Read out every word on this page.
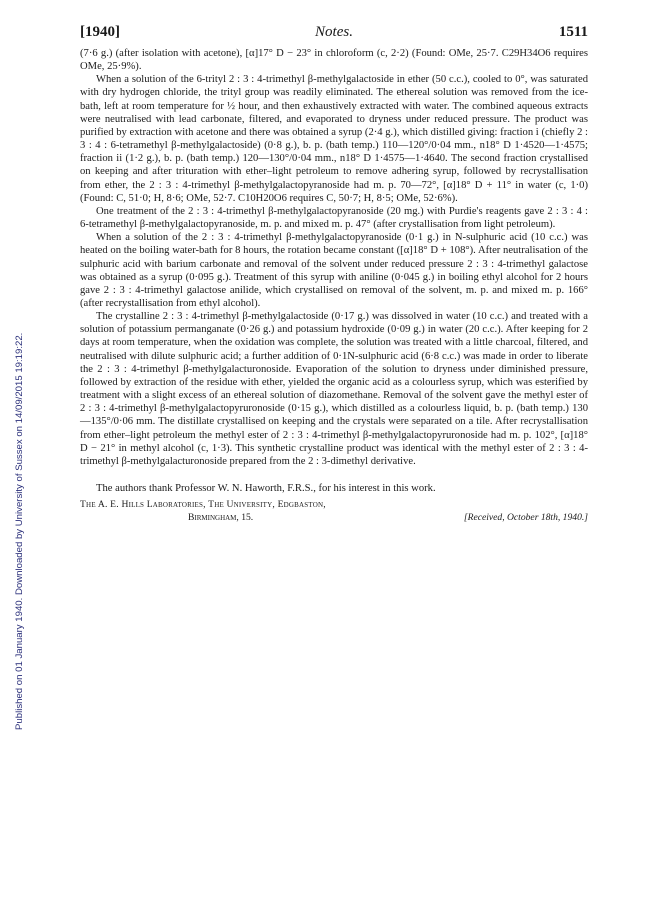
Published on 01 January 1940. Downloaded by University of Sussex on 14/09/2015 19:19:22.
[1940]	Notes.	1511

(7·6 g.) (after isolation with acetone), [α]17° D − 23° in chloroform (c, 2·2) (Found: OMe, 25·7. C29H34O6 requires OMe, 25·9%).

When a solution of the 6-trityl 2 : 3 : 4-trimethyl β-methylgalactoside in ether (50 c.c.), cooled to 0°, was saturated with dry hydrogen chloride, the trityl group was readily eliminated. The ethereal solution was removed from the ice-bath, left at room temperature for ½ hour, and then exhaustively extracted with water. The combined aqueous extracts were neutralised with lead carbonate, filtered, and evaporated to dryness under reduced pressure. The product was purified by extraction with acetone and there was obtained a syrup (2·4 g.), which distilled giving: fraction i (chiefly 2 : 3 : 4 : 6-tetramethyl β-methylgalactoside) (0·8 g.), b. p. (bath temp.) 110—120°/0·04 mm., n18° D 1·4520—1·4575; fraction ii (1·2 g.), b. p. (bath temp.) 120—130°/0·04 mm., n18° D 1·4575—1·4640. The second fraction crystallised on keeping and after trituration with ether–light petroleum to remove adhering syrup, followed by recrystallisation from ether, the 2 : 3 : 4-trimethyl β-methylgalactopyranoside had m. p. 70—72°, [α]18° D + 11° in water (c, 1·0) (Found: C, 51·0; H, 8·6; OMe, 52·7. C10H20O6 requires C, 50·7; H, 8·5; OMe, 52·6%).

One treatment of the 2 : 3 : 4-trimethyl β-methylgalactopyranoside (20 mg.) with Purdie's reagents gave 2 : 3 : 4 : 6-tetramethyl β-methylgalactopyranoside, m. p. and mixed m. p. 47° (after crystallisation from light petroleum).

When a solution of the 2 : 3 : 4-trimethyl β-methylgalactopyranoside (0·1 g.) in N-sulphuric acid (10 c.c.) was heated on the boiling water-bath for 8 hours, the rotation became constant ([α]18° D + 108°). After neutralisation of the sulphuric acid with barium carbonate and removal of the solvent under reduced pressure 2 : 3 : 4-trimethyl galactose was obtained as a syrup (0·095 g.). Treatment of this syrup with aniline (0·045 g.) in boiling ethyl alcohol for 2 hours gave 2 : 3 : 4-trimethyl galactose anilide, which crystallised on removal of the solvent, m. p. and mixed m. p. 166° (after recrystallisation from ethyl alcohol).

The crystalline 2 : 3 : 4-trimethyl β-methylgalactoside (0·17 g.) was dissolved in water (10 c.c.) and treated with a solution of potassium permanganate (0·26 g.) and potassium hydroxide (0·09 g.) in water (20 c.c.). After keeping for 2 days at room temperature, when the oxidation was complete, the solution was treated with a little charcoal, filtered, and neutralised with dilute sulphuric acid; a further addition of 0·1N-sulphuric acid (6·8 c.c.) was made in order to liberate the 2 : 3 : 4-trimethyl β-methylgalacturonoside. Evaporation of the solution to dryness under diminished pressure, followed by extraction of the residue with ether, yielded the organic acid as a colourless syrup, which was esterified by treatment with a slight excess of an ethereal solution of diazomethane. Removal of the solvent gave the methyl ester of 2 : 3 : 4-trimethyl β-methylgalactopyruronoside (0·15 g.), which distilled as a colourless liquid, b. p. (bath temp.) 130—135°/0·06 mm. The distillate crystallised on keeping and the crystals were separated on a tile. After recrystallisation from ether–light petroleum the methyl ester of 2 : 3 : 4-trimethyl β-methylgalactopyruronoside had m. p. 102°, [α]18° D − 21° in methyl alcohol (c, 1·3). This synthetic crystalline product was identical with the methyl ester of 2 : 3 : 4-trimethyl β-methylgalacturonoside prepared from the 2 : 3-dimethyl derivative.

The authors thank Professor W. N. Haworth, F.R.S., for his interest in this work.

The A. E. Hills Laboratories, The University, Edgbaston,

Birmingham, 15.	[Received, October 18th, 1940.]
